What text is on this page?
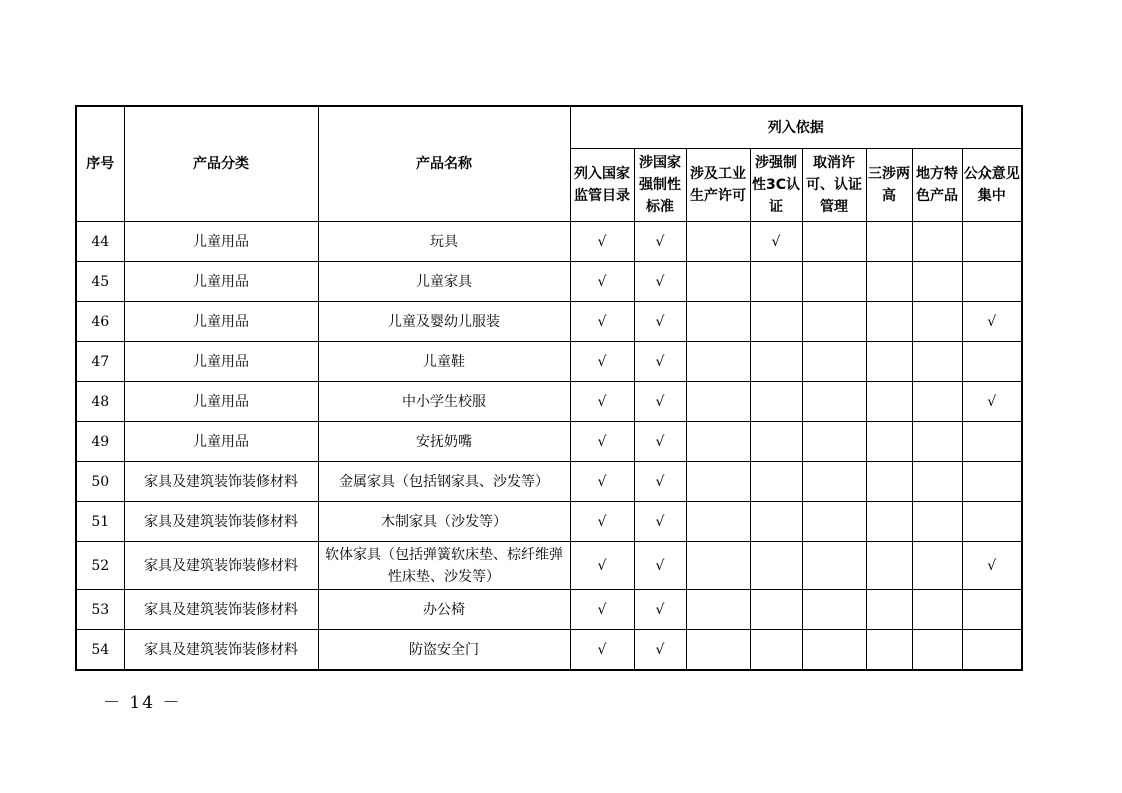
序号	产品分类	产品名称	列入依据							
			列入国家监管目录	涉国家强制性标准	涉及工业生产许可	涉强制性3C认证	取消许可、认证管理	三涉两高	地方特色产品	公众意见集中
44	儿童用品	玩具	√	√		√				
45	儿童用品	儿童家具	√	√						
46	儿童用品	儿童及婴幼儿服装	√	√						√
47	儿童用品	儿童鞋	√	√						
48	儿童用品	中小学生校服	√	√						√
49	儿童用品	安抚奶嘴	√	√						
50	家具及建筑装饰装修材料	金属家具（包括钢家具、沙发等）	√	√						
51	家具及建筑装饰装修材料	木制家具（沙发等）	√	√						
52	家具及建筑装饰装修材料	软体家具（包括弹簧软床垫、棕纤维弹性床垫、沙发等）	√	√						√
53	家具及建筑装饰装修材料	办公椅	√	√						
54	家具及建筑装饰装修材料	防盗安全门	√	√						
－ 14 －
